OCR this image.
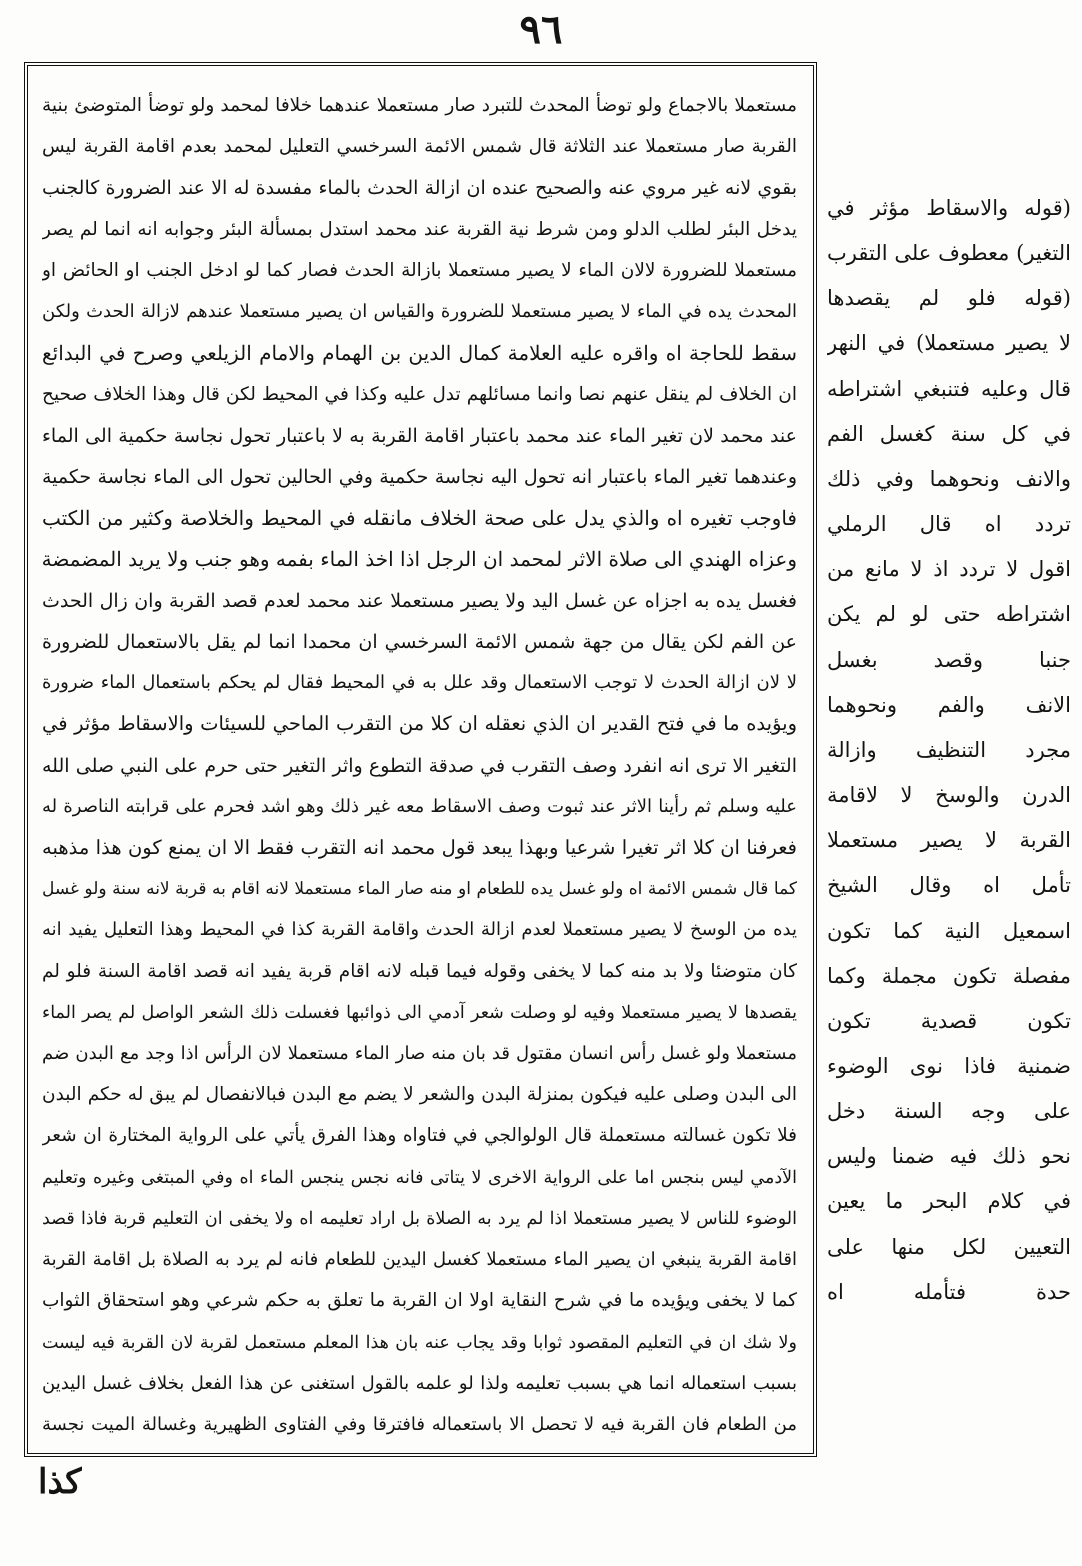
٩٦
مستعملا بالاجماع ولو توضأ المحدث للتبرد صار مستعملا عندهما خلافا لمحمد ولو توضأ المتوضئ بنية
القربة صار مستعملا عند الثلاثة قال شمس الائمة السرخسي التعليل لمحمد بعدم اقامة القربة ليس
بقوي لانه غير مروي عنه والصحيح عنده ان ازالة الحدث بالماء مفسدة له الا عند الضرورة كالجنب
يدخل البئر لطلب الدلو ومن شرط نية القربة عند محمد استدل بمسألة البئر وجوابه انه انما لم يصر
مستعملا للضرورة لالان الماء لا يصير مستعملا بازالة الحدث فصار كما لو ادخل الجنب او الحائض او
المحدث يده في الماء لا يصير مستعملا للضرورة والقياس ان يصير مستعملا عندهم لازالة الحدث ولكن
سقط للحاجة اه واقره عليه العلامة كمال الدين بن الهمام والامام الزيلعي وصرح في البدائع
ان الخلاف لم ينقل عنهم نصا وانما مسائلهم تدل عليه وكذا في المحيط لكن قال وهذا الخلاف صحيح
عند محمد لان تغير الماء عند محمد باعتبار اقامة القربة به لا باعتبار تحول نجاسة حكمية الى الماء
وعندهما تغير الماء باعتبار انه تحول اليه نجاسة حكمية وفي الحالين تحول الى الماء نجاسة حكمية
فاوجب تغيره اه والذي يدل على صحة الخلاف مانقله في المحيط والخلاصة وكثير من الكتب
وعزاه الهندي الى صلاة الاثر لمحمد ان الرجل اذا اخذ الماء بفمه وهو جنب ولا يريد المضمضة
فغسل يده به اجزاه عن غسل اليد ولا يصير مستعملا عند محمد لعدم قصد القربة وان زال الحدث
عن الفم لكن يقال من جهة شمس الائمة السرخسي ان محمدا انما لم يقل بالاستعمال للضرورة
لا لان ازالة الحدث لا توجب الاستعمال وقد علل به في المحيط فقال لم يحكم باستعمال الماء ضرورة
ويؤيده ما في فتح القدير ان الذي نعقله ان كلا من التقرب الماحي للسيئات والاسقاط مؤثر في
التغير الا ترى انه انفرد وصف التقرب في صدقة التطوع واثر التغير حتى حرم على النبي صلى الله
عليه وسلم ثم رأينا الاثر عند ثبوت وصف الاسقاط معه غير ذلك وهو اشد فحرم على قرابته الناصرة له
فعرفنا ان كلا اثر تغيرا شرعيا وبهذا يبعد قول محمد انه التقرب فقط الا ان يمنع كون هذا مذهبه
كما قال شمس الائمة اه ولو غسل يده للطعام او منه صار الماء مستعملا لانه اقام به قربة لانه سنة ولو غسل
يده من الوسخ لا يصير مستعملا لعدم ازالة الحدث واقامة القربة كذا في المحيط وهذا التعليل يفيد انه
كان متوضئا ولا بد منه كما لا يخفى وقوله فيما قبله لانه اقام قربة يفيد انه قصد اقامة السنة فلو لم
يقصدها لا يصير مستعملا وفيه لو وصلت شعر آدمي الى ذوائبها فغسلت ذلك الشعر الواصل لم يصر الماء
مستعملا ولو غسل رأس انسان مقتول قد بان منه صار الماء مستعملا لان الرأس اذا وجد مع البدن ضم
الى البدن وصلى عليه فيكون بمنزلة البدن والشعر لا يضم مع البدن فبالانفصال لم يبق له حكم البدن
فلا تكون غسالته مستعملة قال الولوالجي في فتاواه وهذا الفرق يأتي على الرواية المختارة ان شعر
الآدمي ليس بنجس اما على الرواية الاخرى لا يتاتى فانه نجس ينجس الماء اه وفي المبتغى وغيره وتعليم
الوضوء للناس لا يصير مستعملا اذا لم يرد به الصلاة بل اراد تعليمه اه ولا يخفى ان التعليم قربة فاذا قصد
اقامة القربة ينبغي ان يصير الماء مستعملا كغسل اليدين للطعام فانه لم يرد به الصلاة بل اقامة القربة
كما لا يخفى ويؤيده ما في شرح النقاية اولا ان القربة ما تعلق به حكم شرعي وهو استحقاق الثواب
ولا شك ان في التعليم المقصود ثوابا وقد يجاب عنه بان هذا المعلم مستعمل لقربة لان القربة فيه ليست
بسبب استعماله انما هي بسبب تعليمه ولذا لو علمه بالقول استغنى عن هذا الفعل بخلاف غسل اليدين
من الطعام فان القربة فيه لا تحصل الا باستعماله فافترقا وفي الفتاوى الظهيرية وغسالة الميت نجسة
(قوله والاسقاط مؤثر في
التغير) معطوف على التقرب
(قوله فلو لم يقصدها
لا يصير مستعملا) في النهر
قال وعليه فتنبغي اشتراطه
في كل سنة كغسل الفم
والانف ونحوهما وفي ذلك
تردد اه قال الرملي
اقول لا تردد اذ لا مانع من
اشتراطه حتى لو لم يكن
جنبا وقصد بغسل
الانف والفم ونحوهما
مجرد التنظيف وازالة
الدرن والوسخ لا لاقامة
القربة لا يصير مستعملا
تأمل اه وقال الشيخ
اسمعيل النية كما تكون
مفصلة تكون مجملة وكما
تكون قصدية تكون
ضمنية فاذا نوى الوضوء
على وجه السنة دخل
نحو ذلك فيه ضمنا وليس
في كلام البحر ما يعين
التعيين لكل منها على
حدة فتأمله اه
كذا
